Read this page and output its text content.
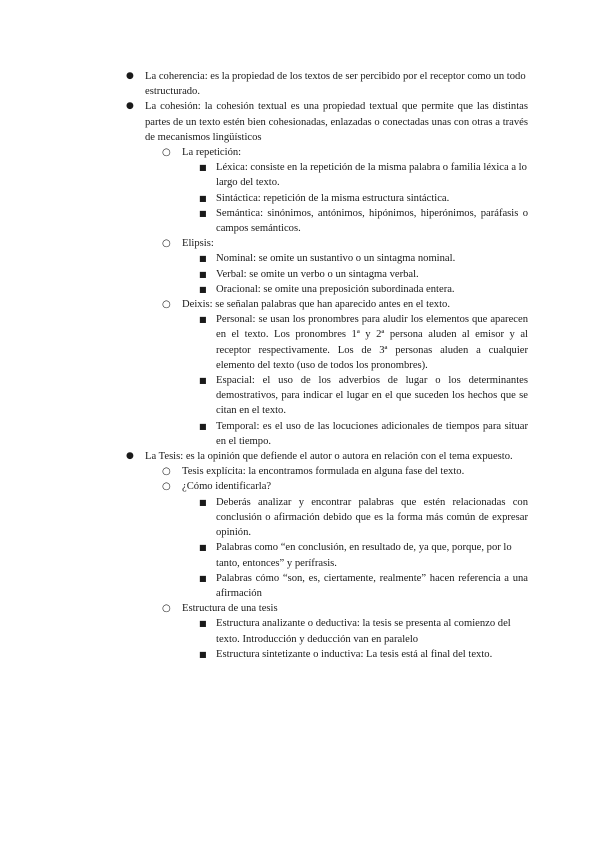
● La coherencia: es la propiedad de los textos de ser percibido por el receptor como un todo estructurado.
● La cohesión: la cohesión textual es una propiedad textual que permite que las distintas partes de un texto estén bien cohesionadas, enlazadas o conectadas unas con otras a través de mecanismos lingüísticos
○ La repetición:
■ Léxica: consiste en la repetición de la misma palabra o familia léxica a lo largo del texto.
■ Sintáctica: repetición de la misma estructura sintáctica.
■ Semántica: sinónimos, antónimos, hipónimos, hiperónimos, paráfasis o campos semánticos.
○ Elipsis:
■ Nominal: se omite un sustantivo o un sintagma nominal.
■ Verbal: se omite un verbo o un sintagma verbal.
■ Oracional: se omite una preposición subordinada entera.
○ Deixis: se señalan palabras que han aparecido antes en el texto.
■ Personal: se usan los pronombres para aludir los elementos que aparecen en el texto. Los pronombres 1ª y 2ª persona aluden al emisor y al receptor respectivamente. Los de 3ª personas aluden a cualquier elemento del texto (uso de todos los pronombres).
■ Espacial: el uso de los adverbios de lugar o los determinantes demostrativos, para indicar el lugar en el que suceden los hechos que se citan en el texto.
■ Temporal: es el uso de las locuciones adicionales de tiempos para situar en el tiempo.
● La Tesis: es la opinión que defiende el autor o autora en relación con el tema expuesto.
○ Tesis explícita: la encontramos formulada en alguna fase del texto.
○ ¿Cómo identificarla?
■ Deberás analizar y encontrar palabras que estén relacionadas con conclusión o afirmación debido que es la forma más común de expresar opinión.
■ Palabras como “en conclusión, en resultado de, ya que, porque, por lo tanto, entonces” y perífrasis.
■ Palabras cómo “son, es, ciertamente, realmente” hacen referencia a una afirmación
○ Estructura de una tesis
■ Estructura analizante o deductiva: la tesis se presenta al comienzo del texto. Introducción y deducción van en paralelo
■ Estructura sintetizante o inductiva: La tesis está al final del texto.
